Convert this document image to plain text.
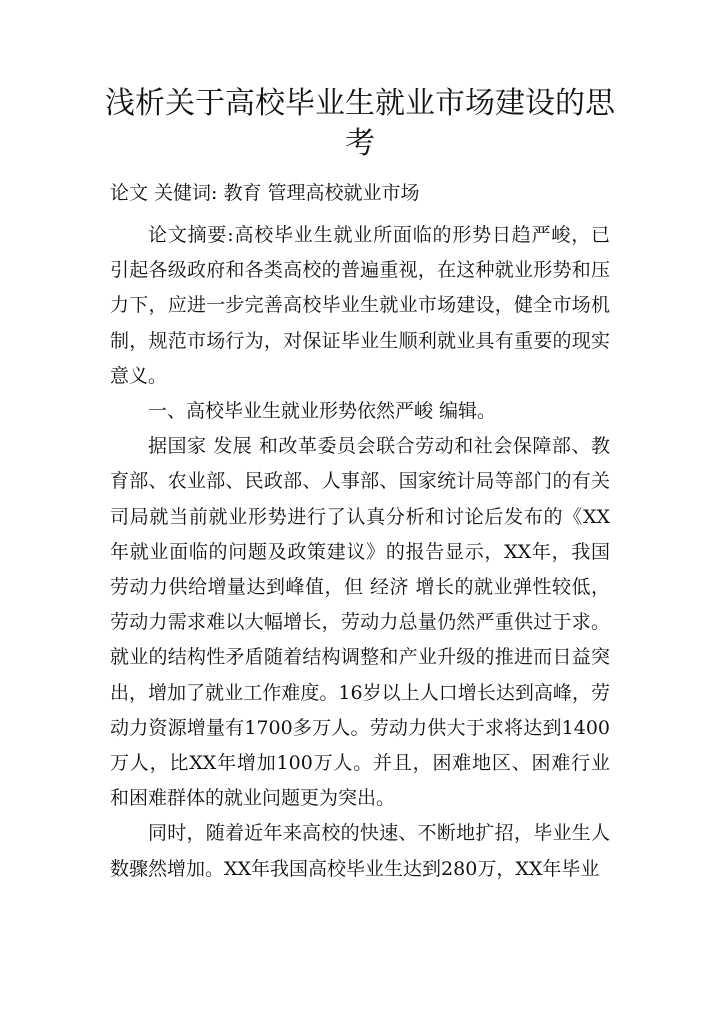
浅析关于高校毕业生就业市场建设的思考

论文 关健词: 教育 管理高校就业市场

论文摘要:高校毕业生就业所面临的形势日趋严峻，已引起各级政府和各类高校的普遍重视，在这种就业形势和压力下，应进一步完善高校毕业生就业市场建设，健全市场机制，规范市场行为，对保证毕业生顺利就业具有重要的现实意义。

一、高校毕业生就业形势依然严峻 编辑。

据国家 发展 和改革委员会联合劳动和社会保障部、教育部、农业部、民政部、人事部、国家统计局等部门的有关司局就当前就业形势进行了认真分析和讨论后发布的《XX年就业面临的问题及政策建议》的报告显示，XX年，我国劳动力供给增量达到峰值，但 经济 增长的就业弹性较低，劳动力需求难以大幅增长，劳动力总量仍然严重供过于求。就业的结构性矛盾随着结构调整和产业升级的推进而日益突出，增加了就业工作难度。16岁以上人口增长达到高峰，劳动力资源增量有1700多万人。劳动力供大于求将达到1400万人，比XX年增加100万人。并且，困难地区、困难行业和困难群体的就业问题更为突出。

同时，随着近年来高校的快速、不断地扩招，毕业生人数骤然增加。XX年我国高校毕业生达到280万，XX年毕业
